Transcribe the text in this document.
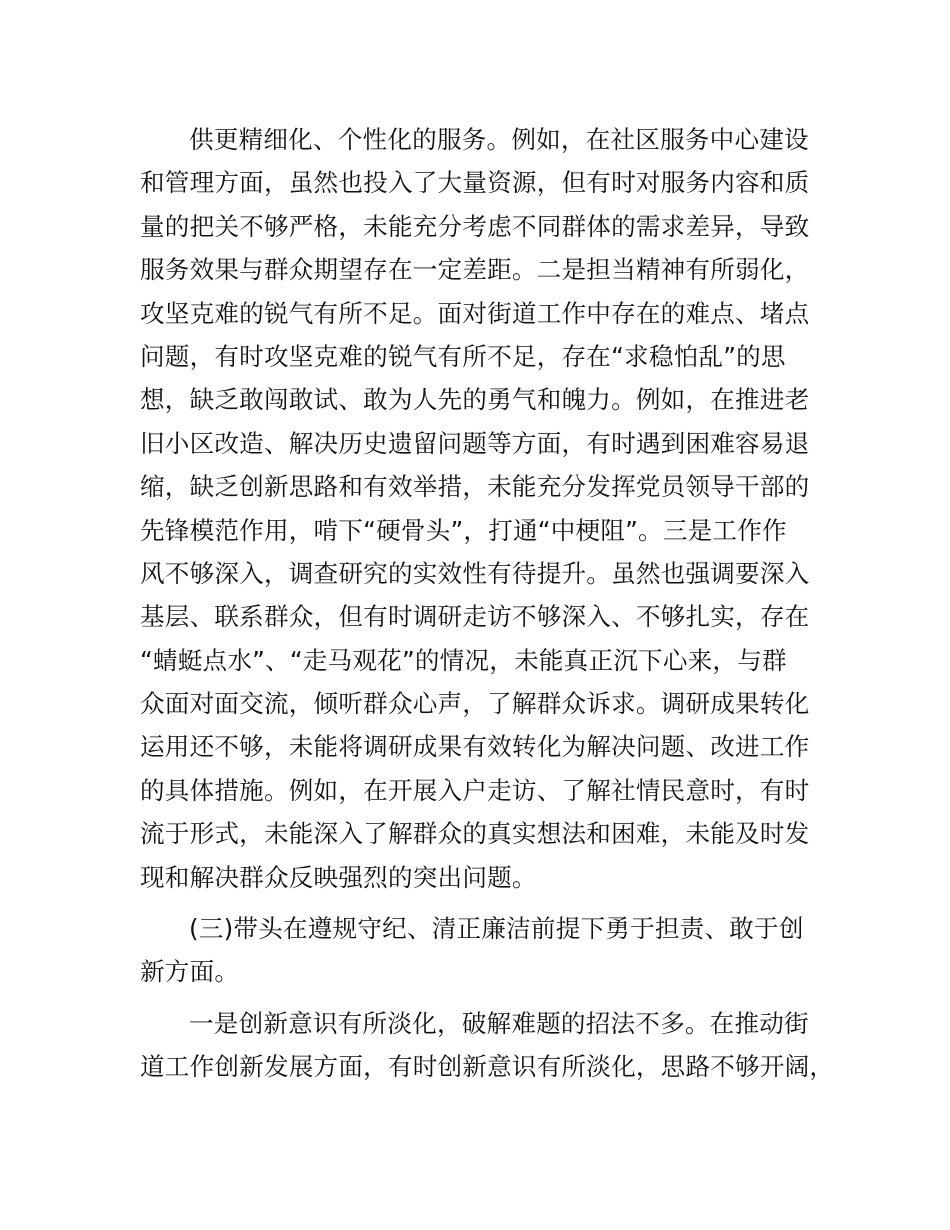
供更精细化、个性化的服务。例如，在社区服务中心建设
和管理方面，虽然也投入了大量资源，但有时对服务内容和质
量的把关不够严格，未能充分考虑不同群体的需求差异，导致
服务效果与群众期望存在一定差距。二是担当精神有所弱化，
攻坚克难的锐气有所不足。面对街道工作中存在的难点、堵点
问题，有时攻坚克难的锐气有所不足，存在“求稳怕乱”的思
想，缺乏敢闯敢试、敢为人先的勇气和魄力。例如，在推进老
旧小区改造、解决历史遗留问题等方面，有时遇到困难容易退
缩，缺乏创新思路和有效举措，未能充分发挥党员领导干部的
先锋模范作用，啃下“硬骨头”，打通“中梗阻”。三是工作作
风不够深入，调查研究的实效性有待提升。虽然也强调要深入
基层、联系群众，但有时调研走访不够深入、不够扎实，存在
“蜻蜓点水”、“走马观花”的情况，未能真正沉下心来，与群
众面对面交流，倾听群众心声，了解群众诉求。调研成果转化
运用还不够，未能将调研成果有效转化为解决问题、改进工作
的具体措施。例如，在开展入户走访、了解社情民意时，有时
流于形式，未能深入了解群众的真实想法和困难，未能及时发
现和解决群众反映强烈的突出问题。
(三)带头在遵规守纪、清正廉洁前提下勇于担责、敢于创
新方面。
一是创新意识有所淡化，破解难题的招法不多。在推动街
道工作创新发展方面，有时创新意识有所淡化，思路不够开阔，
